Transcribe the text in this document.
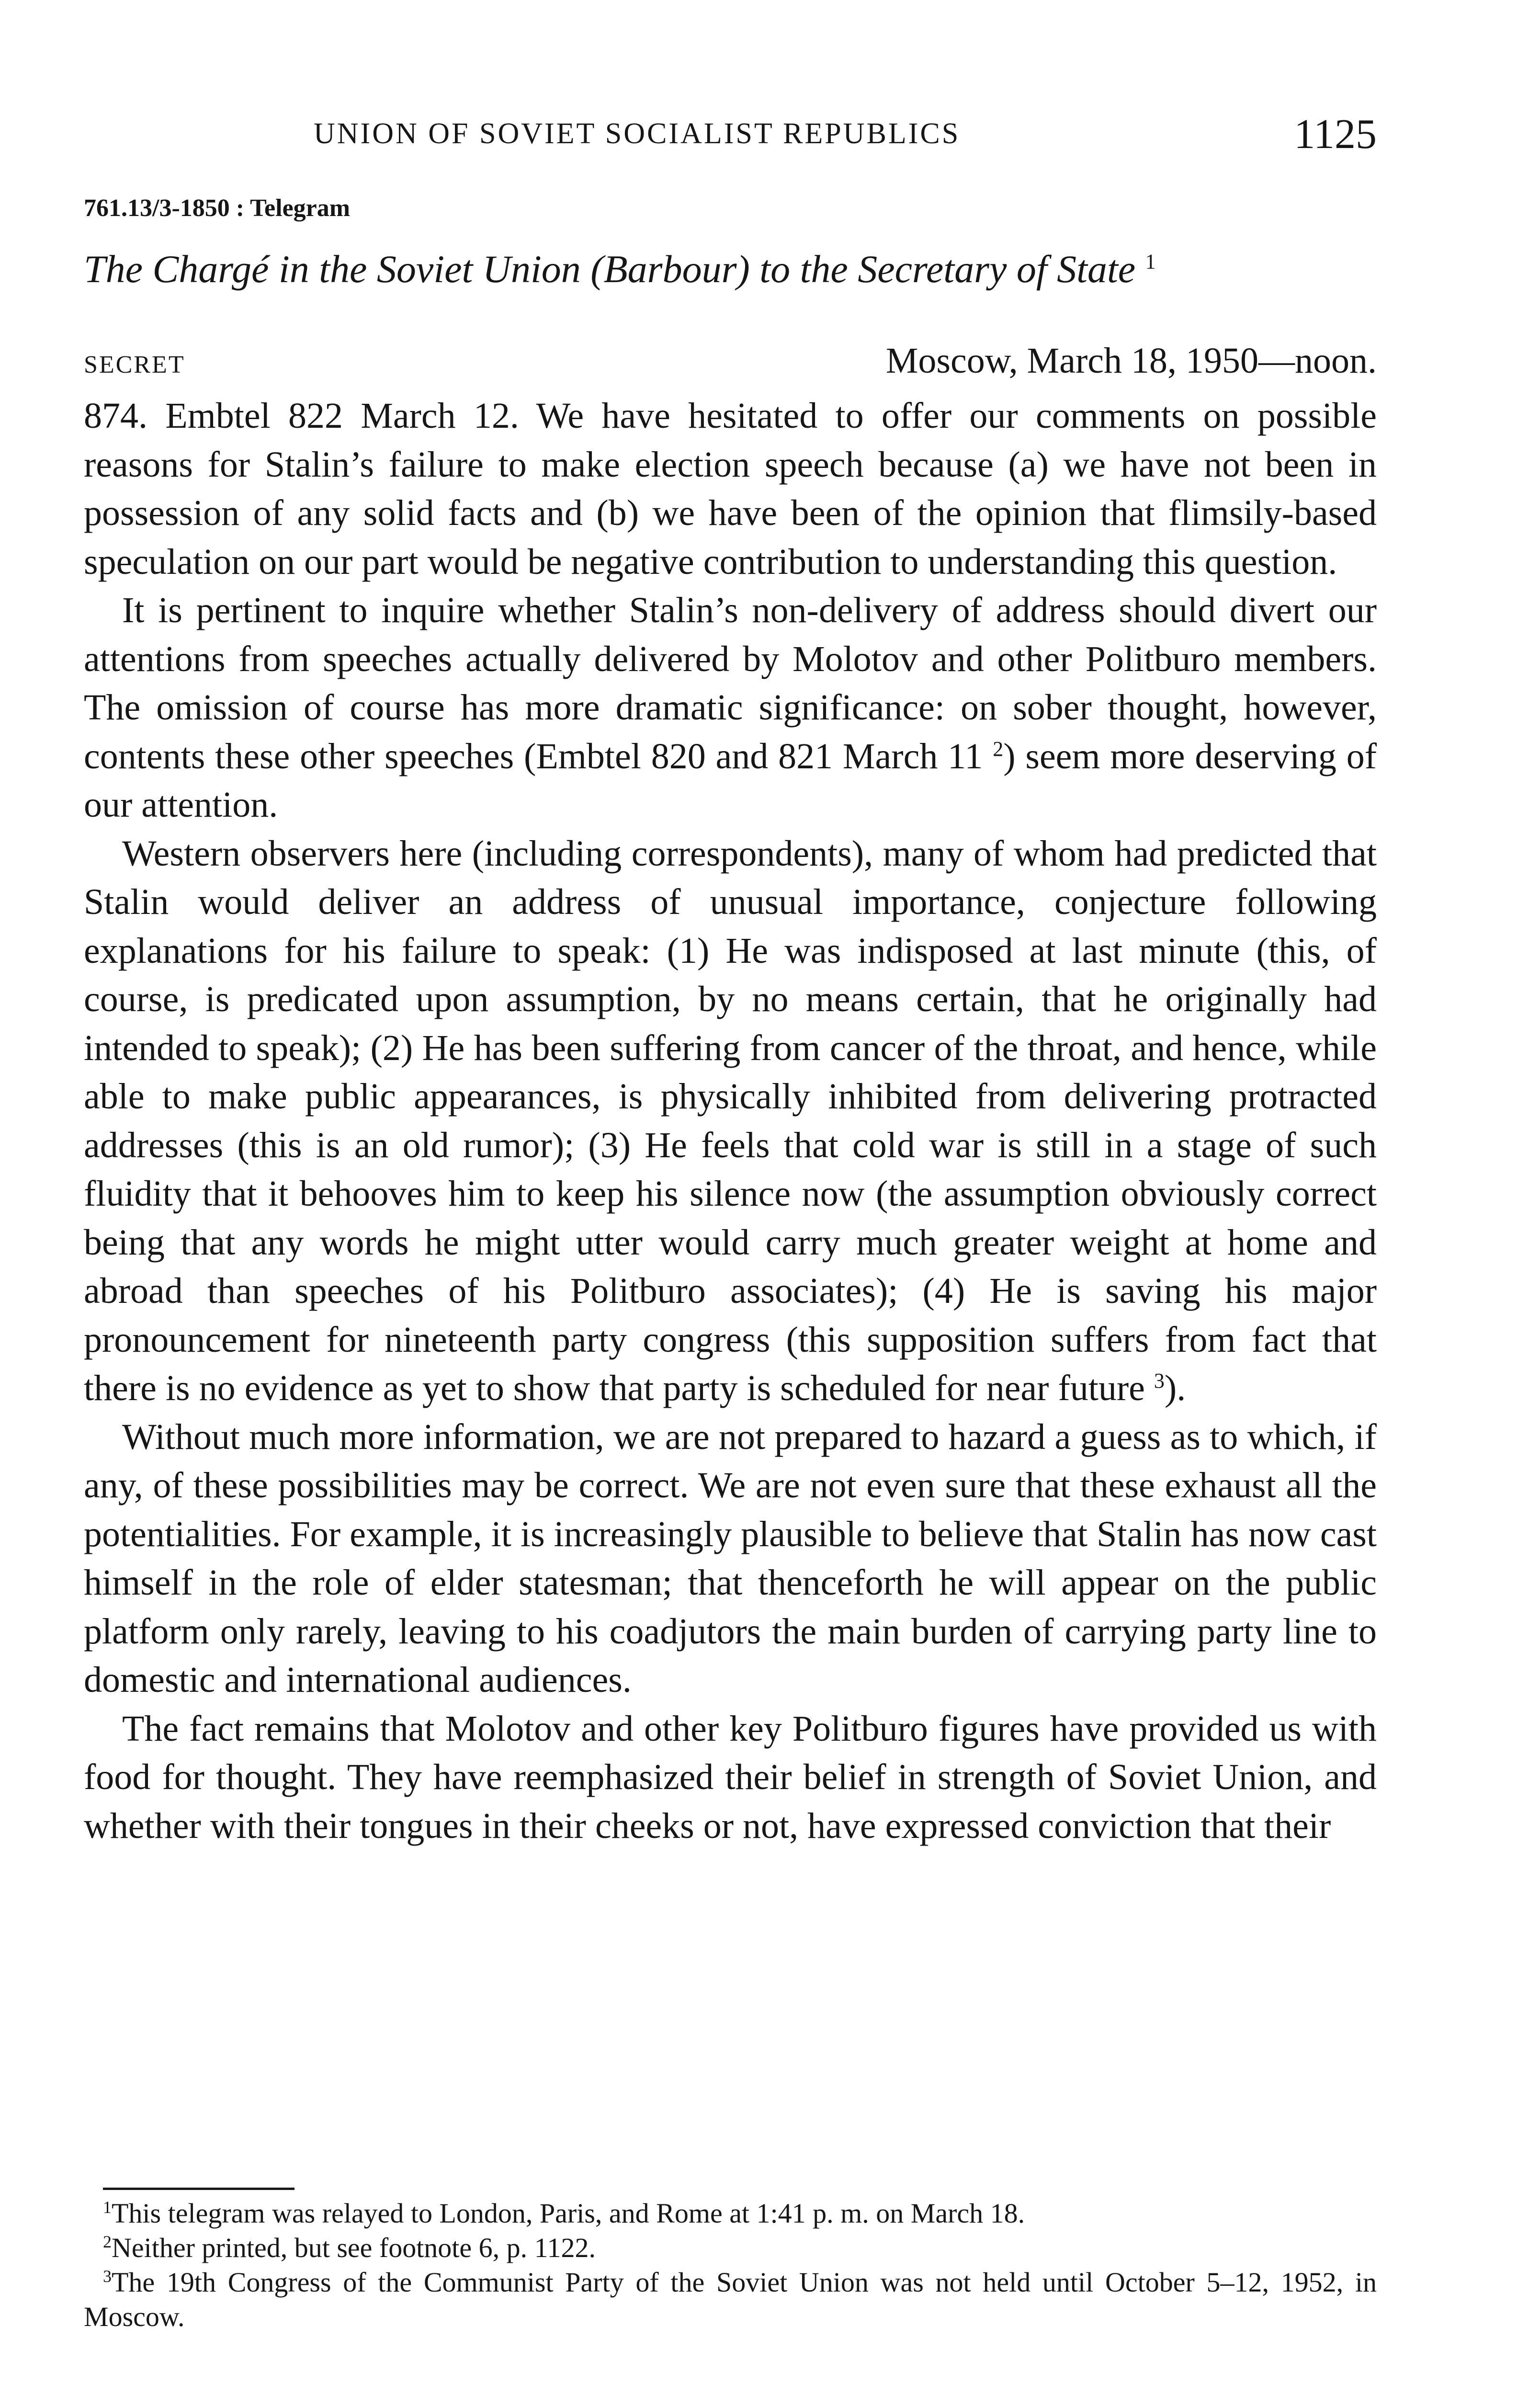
UNION OF SOVIET SOCIALIST REPUBLICS	1125
761.13/3-1850 : Telegram
The Chargé in the Soviet Union (Barbour) to the Secretary of State $^1$
SECRET	Moscow, March 18, 1950—noon.

874. Embtel 822 March 12. We have hesitated to offer our comments on possible reasons for Stalin’s failure to make election speech because (a) we have not been in possession of any solid facts and (b) we have been of the opinion that flimsily-based speculation on our part would be negative contribution to understanding this question.

It is pertinent to inquire whether Stalin’s non-delivery of address should divert our attentions from speeches actually delivered by Molotov and other Politburo members. The omission of course has more dramatic significance: on sober thought, however, contents these other speeches (Embtel 820 and 821 March 11 $^2$) seem more deserving of our attention.

Western observers here (including correspondents), many of whom had predicted that Stalin would deliver an address of unusual importance, conjecture following explanations for his failure to speak: (1) He was indisposed at last minute (this, of course, is predicated upon assumption, by no means certain, that he originally had intended to speak); (2) He has been suffering from cancer of the throat, and hence, while able to make public appearances, is physically inhibited from delivering protracted addresses (this is an old rumor); (3) He feels that cold war is still in a stage of such fluidity that it behooves him to keep his silence now (the assumption obviously correct being that any words he might utter would carry much greater weight at home and abroad than speeches of his Politburo associates); (4) He is saving his major pronouncement for nineteenth party congress (this supposition suffers from fact that there is no evidence as yet to show that party is scheduled for near future $^3$).

Without much more information, we are not prepared to hazard a guess as to which, if any, of these possibilities may be correct. We are not even sure that these exhaust all the potentialities. For example, it is increasingly plausible to believe that Stalin has now cast himself in the role of elder statesman; that thenceforth he will appear on the public platform only rarely, leaving to his coadjutors the main burden of carrying party line to domestic and international audiences.

The fact remains that Molotov and other key Politburo figures have provided us with food for thought. They have reemphasized their belief in strength of Soviet Union, and whether with their tongues in their cheeks or not, have expressed conviction that their

$^1$This telegram was relayed to London, Paris, and Rome at 1:41 p. m. on March 18.

$^2$Neither printed, but see footnote 6, p. 1122.

$^3$The 19th Congress of the Communist Party of the Soviet Union was not held until October 5–12, 1952, in Moscow.
